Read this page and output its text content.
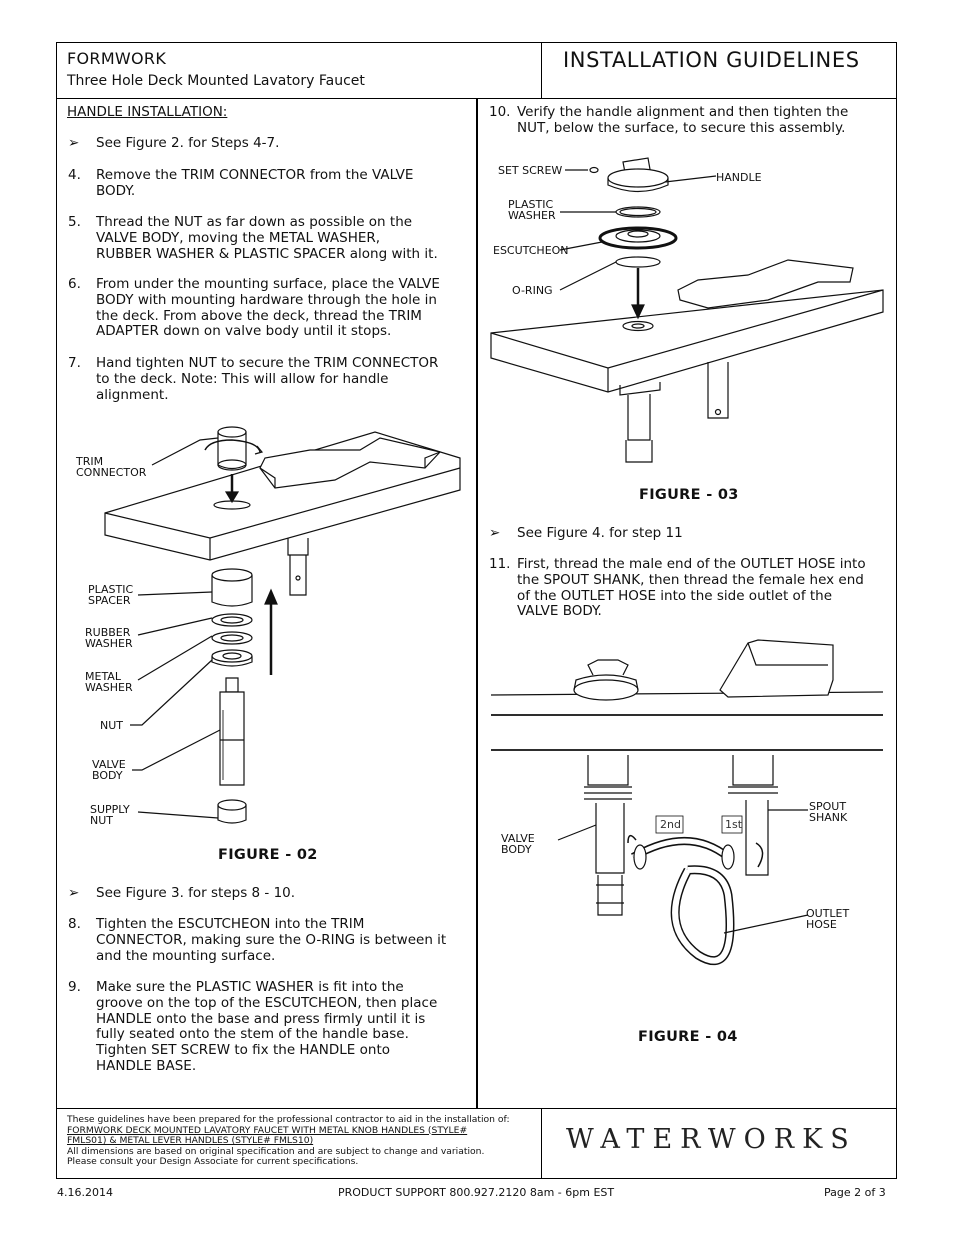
FORMWORK
Three Hole Deck Mounted Lavatory Faucet
INSTALLATION GUIDELINES
HANDLE INSTALLATION:
➢ See Figure 2. for Steps 4-7.
4. Remove the TRIM CONNECTOR from the VALVE
BODY.
5. Thread the NUT as far down as possible on the
VALVE BODY, moving the METAL WASHER,
RUBBER WASHER & PLASTIC SPACER along with it.
6. From under the mounting surface, place the VALVE
BODY with mounting hardware through the hole in
the deck. From above the deck, thread the TRIM
ADAPTER down on valve body until it stops.
7. Hand tighten NUT to secure the TRIM CONNECTOR
to the deck. Note: This will allow for handle
alignment.
➢ See Figure 3. for steps 8 - 10.
8. Tighten the ESCUTCHEON into the TRIM
CONNECTOR, making sure the O-RING is between it
and the mounting surface.
9. Make sure the PLASTIC WASHER is fit into the
groove on the top of the ESCUTCHEON, then place
HANDLE onto the base and press firmly until it is
fully seated onto the stem of the handle base.
Tighten SET SCREW to fix the HANDLE onto
HANDLE BASE.
10. Verify the handle alignment and then tighten the
NUT, below the surface, to secure this assembly.
➢ See Figure 4. for step 11
11. First, thread the male end of the OUTLET HOSE into
the SPOUT SHANK, then thread the female hex end
of the OUTLET HOSE into the side outlet of the
VALVE BODY.
TRIM
CONNECTOR
PLASTIC
SPACER
RUBBER
WASHER
METAL
WASHER
NUT
VALVE
BODY
SUPPLY
NUT
FIGURE - 02
SET SCREW
HANDLE
PLASTIC
WASHER
ESCUTCHEON
O-RING
FIGURE - 03
VALVE
BODY
SPOUT
SHANK
OUTLET
HOSE
2nd	1st
FIGURE - 04
These guidelines have been prepared for the professional contractor to aid in the installation of:
FORMWORK DECK MOUNTED LAVATORY FAUCET WITH METAL KNOB HANDLES (STYLE#
FMLS01) & METAL LEVER HANDLES (STYLE# FMLS10)
All dimensions are based on original specification and are subject to change and variation.
Please consult your Design Associate for current specifications.
WATERWORKS
4.16.2014	PRODUCT SUPPORT 800.927.2120 8am - 6pm EST	Page 2 of 3
